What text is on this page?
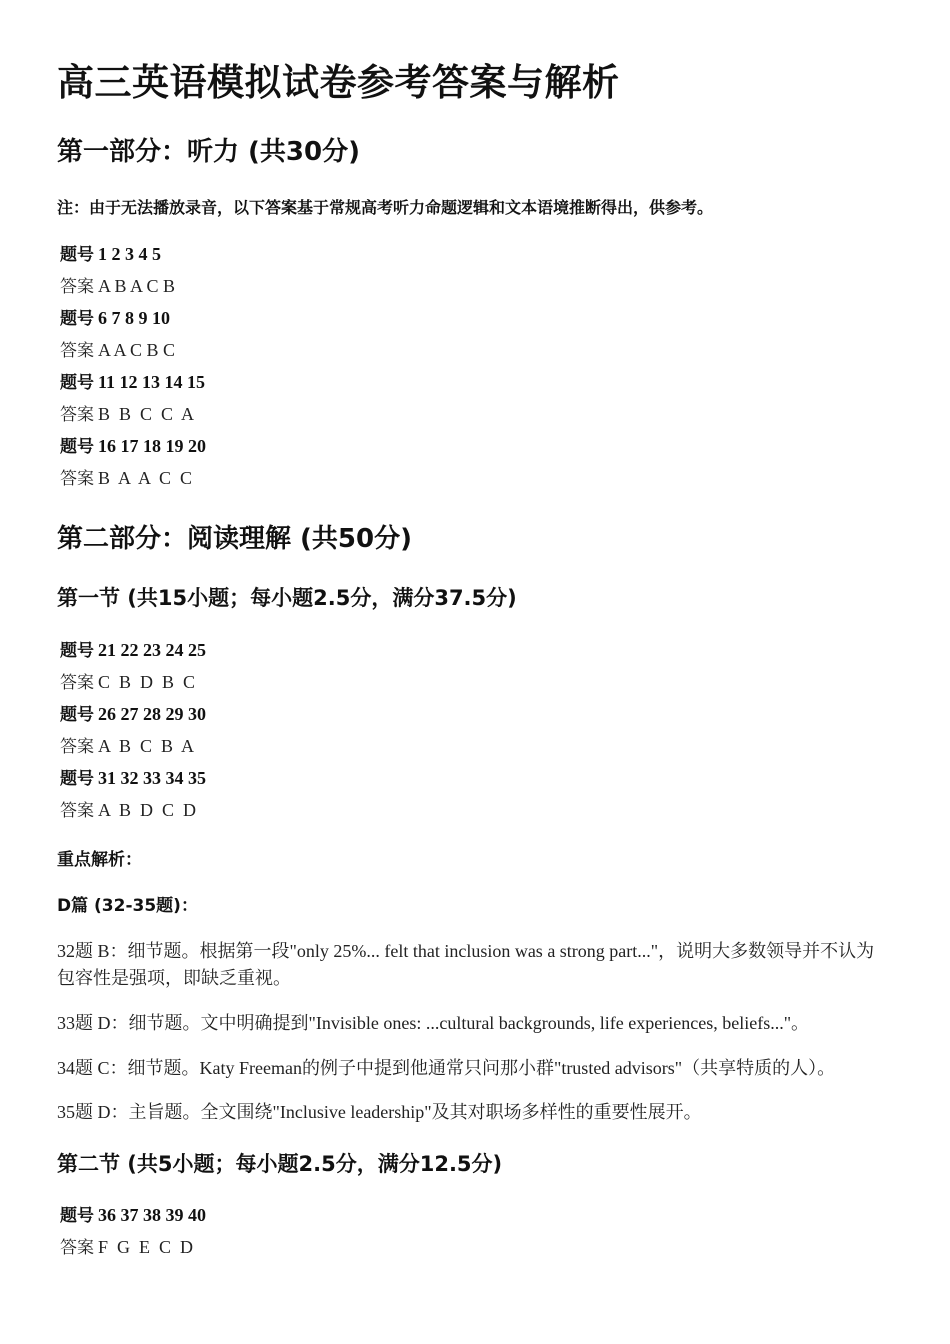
高三英语模拟试卷参考答案与解析
第一部分：听力 (共30分)

注：由于无法播放录音，以下答案基于常规高考听力命题逻辑和文本语境推断得出，供参考。

题号 1 2 3 4 5
答案 A B A C B
题号 6 7 8 9 10
答案 A A C B C
题号 11 12 13 14 15
答案 B  B  C  C  A
题号 16 17 18 19 20
答案 B  A  A  C  C
第二部分：阅读理解 (共50分)
第一节 (共15小题；每小题2.5分，满分37.5分)
题号 21 22 23 24 25
答案 C  B  D  B  C
题号 26 27 28 29 30
答案 A  B  C  B  A
题号 31 32 33 34 35
答案 A  B  D  C  D

重点解析：

D篇 (32-35题)：

32题 B：细节题。根据第一段"only 25%... felt that inclusion was a strong part..."，说明大多数领导并不认为包容性是强项，即缺乏重视。

33题 D：细节题。文中明确提到"Invisible ones: ...cultural backgrounds, life experiences, beliefs..."。

34题 C：细节题。Katy Freeman的例子中提到他通常只问那小群"trusted advisors"（共享特质的人）。

35题 D：主旨题。全文围绕"Inclusive leadership"及其对职场多样性的重要性展开。

第二节 (共5小题；每小题2.5分，满分12.5分)
题号 36 37 38 39 40
答案 F  G  E  C  D
